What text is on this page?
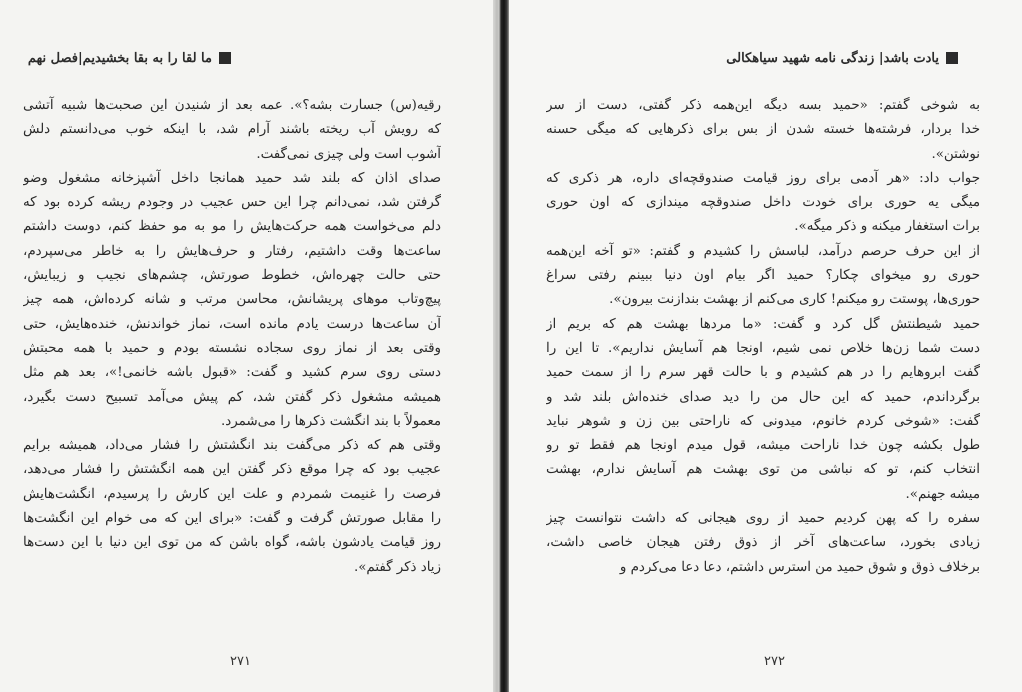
ما لقا را به بقا بخشیدیم|فصل نهم
رقیه(س) جسارت بشه؟». عمه بعد از شنیدن این صحبت‌ها شبیه آتشی
که رویش آب ریخته باشند آرام شد، با اینکه خوب می‌دانستم دلش
آشوب است ولی چیزی نمی‌گفت.
صدای اذان که بلند شد حمید همانجا داخل آشپزخانه مشغول وضو
گرفتن شد، نمی‌دانم چرا این حس عجیب در وجودم ریشه کرده بود که
دلم می‌خواست همه حرکت‌هایش را مو به مو حفظ کنم، دوست داشتم
ساعت‌ها وقت داشتیم، رفتار و حرف‌هایش را به خاطر می‌سپردم،
حتی حالت چهره‌اش، خطوط صورتش، چشم‌های نجیب و زیبایش،
پیچ‌وتاب موهای پریشانش، محاسن مرتب و شانه کرده‌اش، همه چیز
آن ساعت‌ها درست یادم مانده است، نماز خواندنش، خنده‌هایش، حتی
وقتی بعد از نماز روی سجاده نشسته بودم و حمید با همه محبتش
دستی روی سرم کشید و گفت: «قبول باشه خانمی!»، بعد هم مثل
همیشه مشغول ذکر گفتن شد، کم پیش می‌آمد تسبیح دست بگیرد،
معمولاً با بند انگشت ذکرها را می‌شمرد.
وقتی هم که ذکر می‌گفت بند انگشتش را فشار می‌داد، همیشه برایم
عجیب بود که چرا موقع ذکر گفتن این همه انگشتش را فشار می‌دهد،
فرصت را غنیمت شمردم و علت این کارش را پرسیدم، انگشت‌هایش
را مقابل صورتش گرفت و گفت: «برای این که می خوام این انگشت‌ها
روز قیامت یادشون باشه، گواه باشن که من توی این دنیا با این دست‌ها
زیاد ذکر گفتم».
۲۷۱
یادت باشد| زندگی نامه شهید سیاهکالی
به شوخی گفتم: «حمید بسه دیگه این‌همه ذکر گفتی، دست از سر
خدا بردار، فرشته‌ها خسته شدن از بس برای ذکرهایی که میگی حسنه
نوشتن».
جواب داد: «هر آدمی برای روز قیامت صندوقچه‌ای داره، هر ذکری که
میگی یه حوری برای خودت داخل صندوقچه میندازی که اون حوری
برات استغفار میکنه و ذکر میگه».
از این حرف حرصم درآمد، لباسش را کشیدم و گفتم: «تو آخه این‌همه
حوری رو میخوای چکار؟ حمید اگر بیام اون دنیا ببینم رفتی سراغ
حوری‌ها، پوستت رو میکنم! کاری می‌کنم از بهشت بندازنت بیرون».
حمید شیطنتش گل کرد و گفت: «ما مردها بهشت هم که بریم از
دست شما زن‌ها خلاص نمی شیم، اونجا هم آسایش نداریم». تا این را
گفت ابروهایم را در هم کشیدم و با حالت قهر سرم را از سمت حمید
برگرداندم، حمید که این حال من را دید صدای خنده‌اش بلند شد و
گفت: «شوخی کردم خانوم، میدونی که ناراحتی بین زن و شوهر نباید
طول بکشه چون خدا ناراحت میشه، قول میدم اونجا هم فقط تو رو
انتخاب کنم، تو که نباشی من توی بهشت هم آسایش ندارم، بهشت
میشه جهنم».
سفره را که پهن کردیم حمید از روی هیجانی که داشت نتوانست چیز
زیادی بخورد، ساعت‌های آخر از ذوق رفتن هیجان خاصی داشت،
برخلاف ذوق و شوق حمید من استرس داشتم، دعا دعا می‌کردم و
۲۷۲
